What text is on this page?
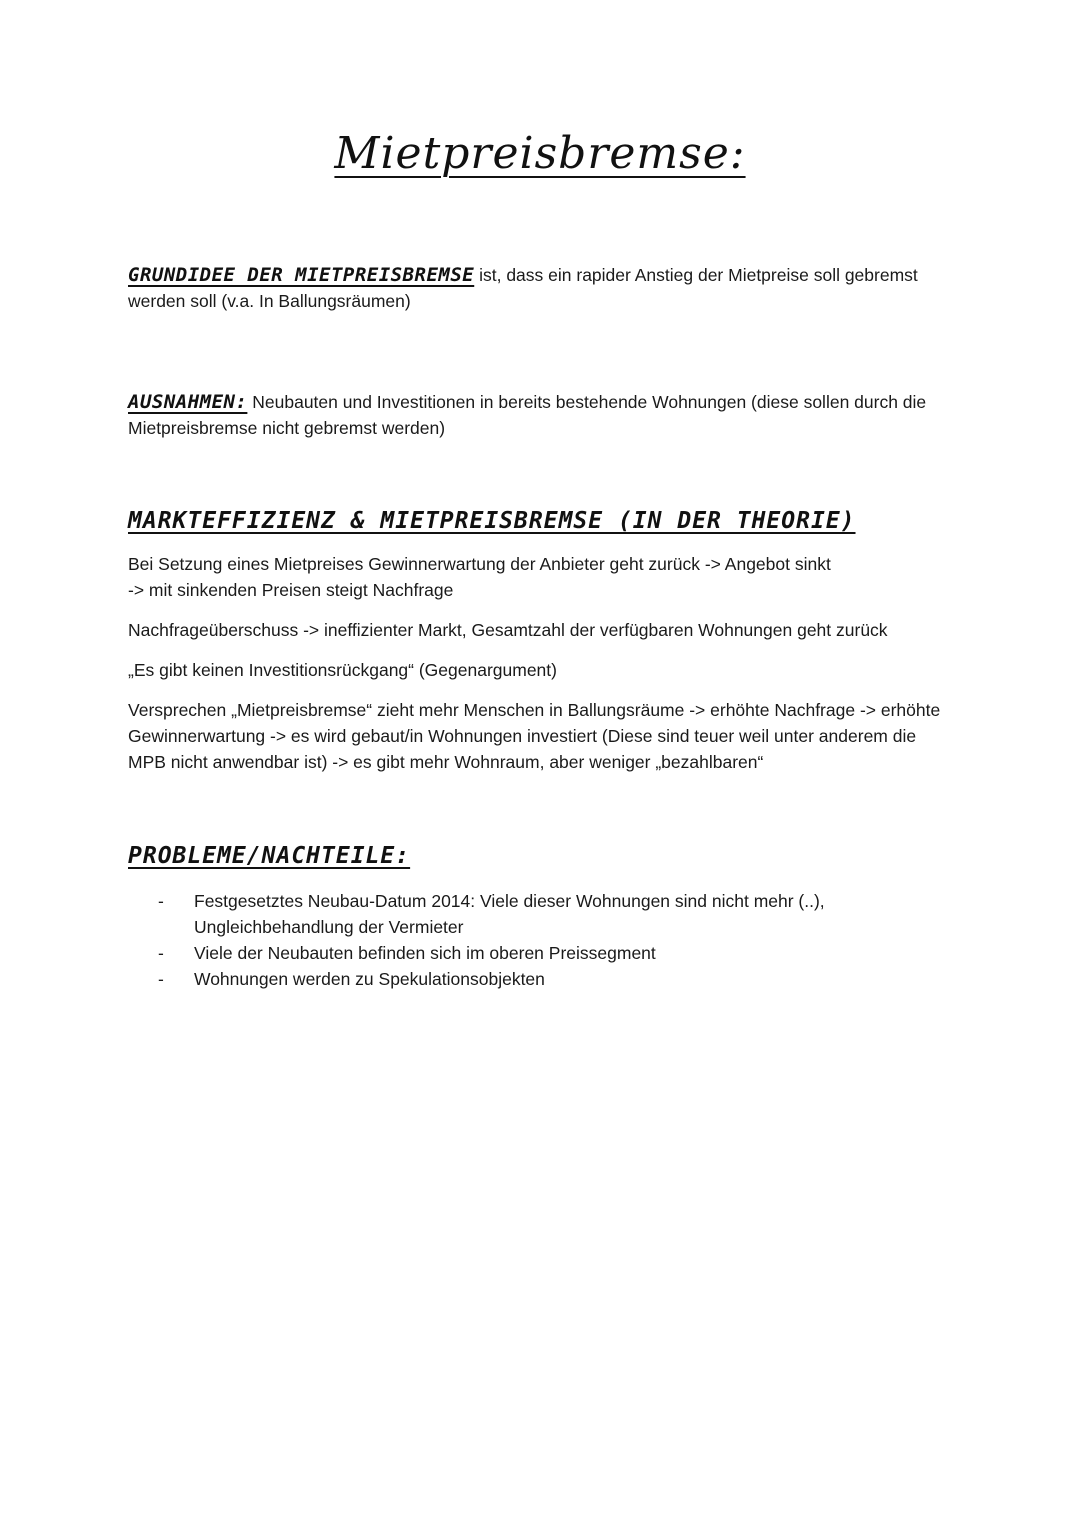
Mietpreisbremse:

GRUNDIDEE DER MIETPREISBREMSE ist, dass ein rapider Anstieg der Mietpreise soll gebremst werden soll (v.a. In Ballungsräumen)

AUSNAHMEN: Neubauten und Investitionen in bereits bestehende Wohnungen (diese sollen durch die Mietpreisbremse nicht gebremst werden)

MARKTEFFIZIENZ & MIETPREISBREMSE (IN DER THEORIE)

Bei Setzung eines Mietpreises Gewinnerwartung der Anbieter geht zurück -> Angebot sinkt
-> mit sinkenden Preisen steigt Nachfrage

Nachfrageüberschuss -> ineffizienter Markt, Gesamtzahl der verfügbaren Wohnungen geht zurück

„Es gibt keinen Investitionsrückgang“ (Gegenargument)

Versprechen „Mietpreisbremse“ zieht mehr Menschen in Ballungsräume -> erhöhte Nachfrage -> erhöhte Gewinnerwartung -> es wird gebaut/in Wohnungen investiert (Diese sind teuer weil unter anderem die MPB nicht anwendbar ist) -> es gibt mehr Wohnraum, aber weniger „bezahlbaren“

PROBLEME/NACHTEILE:
- Festgesetztes Neubau-Datum 2014: Viele dieser Wohnungen sind nicht mehr (..), Ungleichbehandlung der Vermieter
- Viele der Neubauten befinden sich im oberen Preissegment
- Wohnungen werden zu Spekulationsobjekten
